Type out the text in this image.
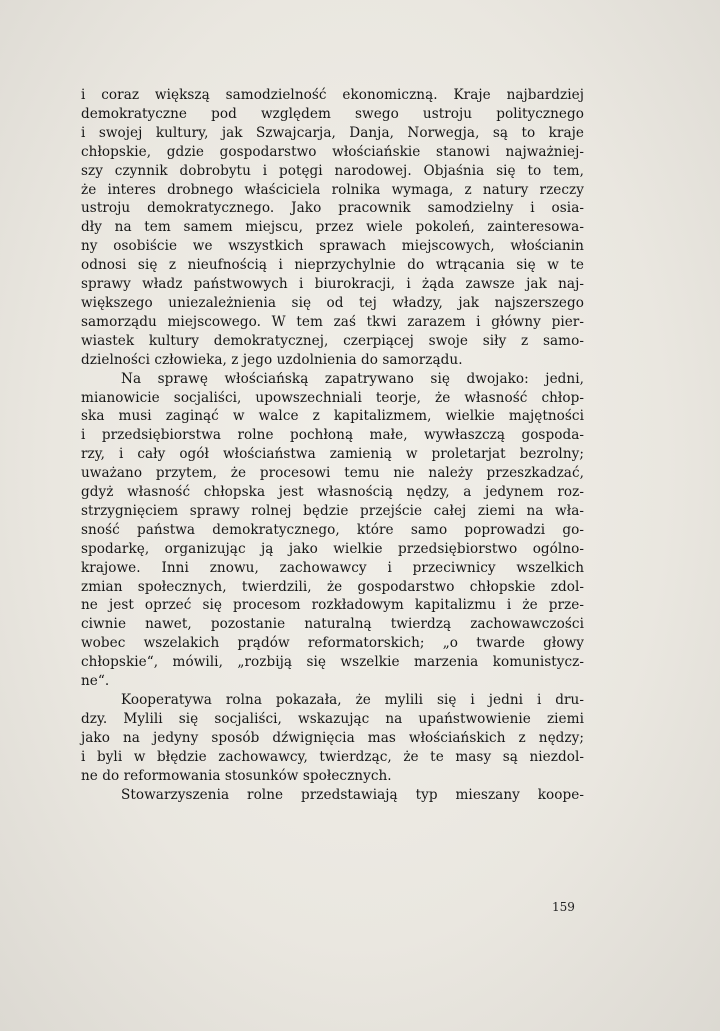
i coraz większą samodzielność ekonomiczną. Kraje najbardziej
demokratyczne pod względem swego ustroju politycznego
i swojej kultury, jak Szwajcarja, Danja, Norwegja, są to kraje
chłopskie, gdzie gospodarstwo włościańskie stanowi najważniej-
szy czynnik dobrobytu i potęgi narodowej. Objaśnia się to tem,
że interes drobnego właściciela rolnika wymaga, z natury rzeczy
ustroju demokratycznego. Jako pracownik samodzielny i osia-
dły na tem samem miejscu, przez wiele pokoleń, zainteresowa-
ny osobiście we wszystkich sprawach miejscowych, włościanin
odnosi się z nieufnością i nieprzychylnie do wtrącania się w te
sprawy władz państwowych i biurokracji, i żąda zawsze jak naj-
większego uniezależnienia się od tej władzy, jak najszerszego
samorządu miejscowego. W tem zaś tkwi zarazem i główny pier-
wiastek kultury demokratycznej, czerpiącej swoje siły z samo-
dzielności człowieka, z jego uzdolnienia do samorządu.
Na sprawę włościańską zapatrywano się dwojako: jedni,
mianowicie socjaliści, upowszechniali teorje, że własność chłop-
ska musi zaginąć w walce z kapitalizmem, wielkie majętności
i przedsiębiorstwa rolne pochłoną małe, wywłaszczą gospoda-
rzy, i cały ogół włościaństwa zamienią w proletarjat bezrolny;
uważano przytem, że procesowi temu nie należy przeszkadzać,
gdyż własność chłopska jest własnością nędzy, a jedynem roz-
strzygnięciem sprawy rolnej będzie przejście całej ziemi na wła-
sność państwa demokratycznego, które samo poprowadzi go-
spodarkę, organizując ją jako wielkie przedsiębiorstwo ogólno-
krajowe. Inni znowu, zachowawcy i przeciwnicy wszelkich
zmian społecznych, twierdzili, że gospodarstwo chłopskie zdol-
ne jest oprzeć się procesom rozkładowym kapitalizmu i że prze-
ciwnie nawet, pozostanie naturalną twierdzą zachowawczości
wobec wszelakich prądów reformatorskich; „o twarde głowy
chłopskie“, mówili, „rozbiją się wszelkie marzenia komunistycz-
ne“.
Kooperatywa rolna pokazała, że mylili się i jedni i dru-
dzy. Mylili się socjaliści, wskazując na upaństwowienie ziemi
jako na jedyny sposób dźwignięcia mas włościańskich z nędzy;
i byli w błędzie zachowawcy, twierdząc, że te masy są niezdol-
ne do reformowania stosunków społecznych.
Stowarzyszenia rolne przedstawiają typ mieszany koope-
159
